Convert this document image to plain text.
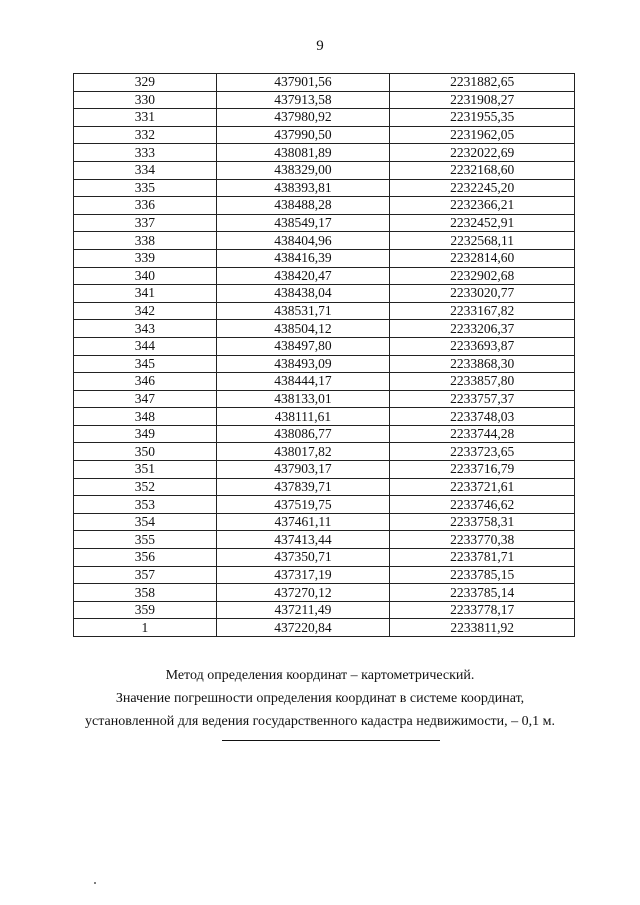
9
329	437901,56	2231882,65
330	437913,58	2231908,27
331	437980,92	2231955,35
332	437990,50	2231962,05
333	438081,89	2232022,69
334	438329,00	2232168,60
335	438393,81	2232245,20
336	438488,28	2232366,21
337	438549,17	2232452,91
338	438404,96	2232568,11
339	438416,39	2232814,60
340	438420,47	2232902,68
341	438438,04	2233020,77
342	438531,71	2233167,82
343	438504,12	2233206,37
344	438497,80	2233693,87
345	438493,09	2233868,30
346	438444,17	2233857,80
347	438133,01	2233757,37
348	438111,61	2233748,03
349	438086,77	2233744,28
350	438017,82	2233723,65
351	437903,17	2233716,79
352	437839,71	2233721,61
353	437519,75	2233746,62
354	437461,11	2233758,31
355	437413,44	2233770,38
356	437350,71	2233781,71
357	437317,19	2233785,15
358	437270,12	2233785,14
359	437211,49	2233778,17
1	437220,84	2233811,92

Метод определения координат – картометрический.

Значение погрешности определения координат в системе координат,

установленной для ведения государственного кадастра недвижимости, – 0,1 м.
